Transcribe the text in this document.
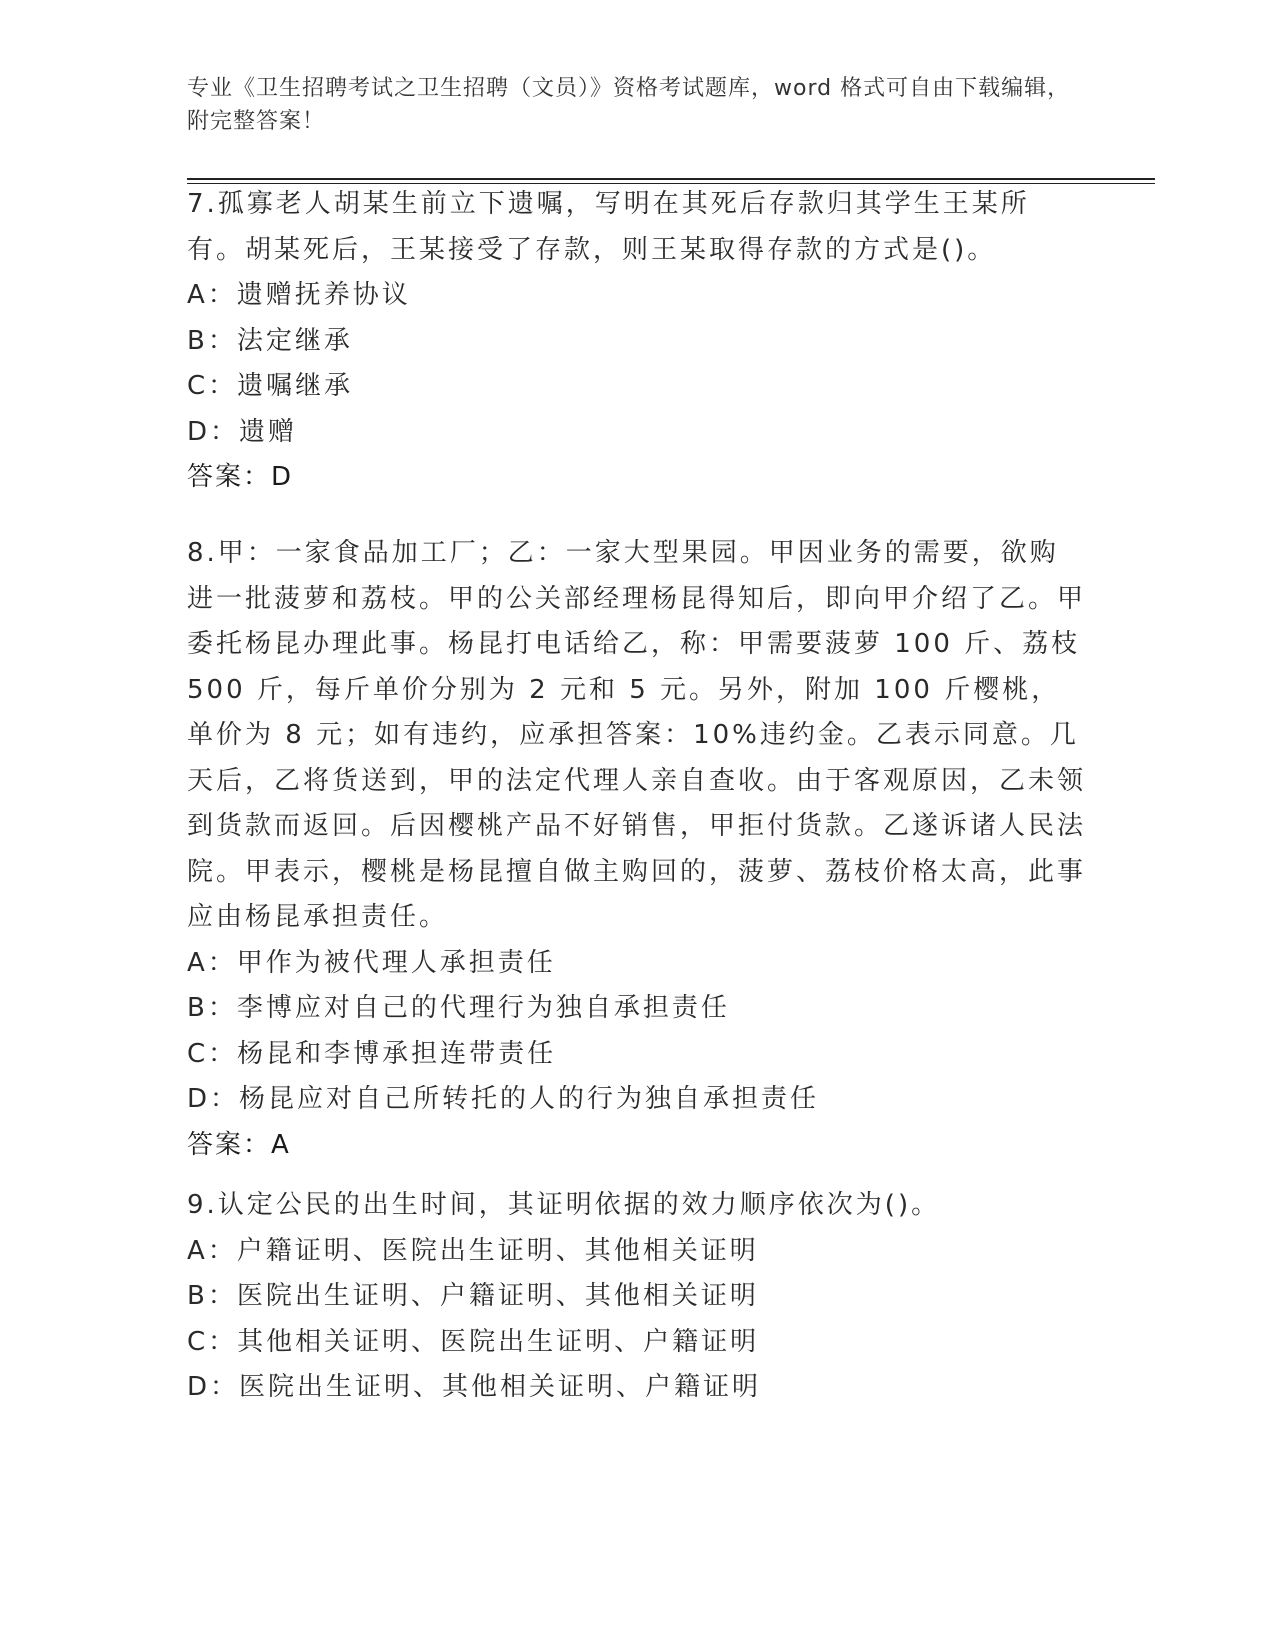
专业《卫生招聘考试之卫生招聘（文员）》资格考试题库，word 格式可自由下载编辑，附完整答案！

7.孤寡老人胡某生前立下遗嘱，写明在其死后存款归其学生王某所有。胡某死后，王某接受了存款，则王某取得存款的方式是()。

A：遗赠抚养协议

B：法定继承

C：遗嘱继承

D：遗赠

答案：D

8.甲：一家食品加工厂；乙：一家大型果园。甲因业务的需要，欲购进一批菠萝和荔枝。甲的公关部经理杨昆得知后，即向甲介绍了乙。甲委托杨昆办理此事。杨昆打电话给乙，称：甲需要菠萝 100 斤、荔枝 500 斤，每斤单价分别为 2 元和 5 元。另外，附加 100 斤樱桃，单价为 8 元；如有违约，应承担答案：10%违约金。乙表示同意。几天后，乙将货送到，甲的法定代理人亲自查收。由于客观原因，乙未领到货款而返回。后因樱桃产品不好销售，甲拒付货款。乙遂诉诸人民法院。甲表示，樱桃是杨昆擅自做主购回的，菠萝、荔枝价格太高，此事应由杨昆承担责任。

A：甲作为被代理人承担责任

B：李博应对自己的代理行为独自承担责任

C：杨昆和李博承担连带责任

D：杨昆应对自己所转托的人的行为独自承担责任

答案：A

9.认定公民的出生时间，其证明依据的效力顺序依次为()。

A：户籍证明、医院出生证明、其他相关证明

B：医院出生证明、户籍证明、其他相关证明

C：其他相关证明、医院出生证明、户籍证明

D：医院出生证明、其他相关证明、户籍证明
